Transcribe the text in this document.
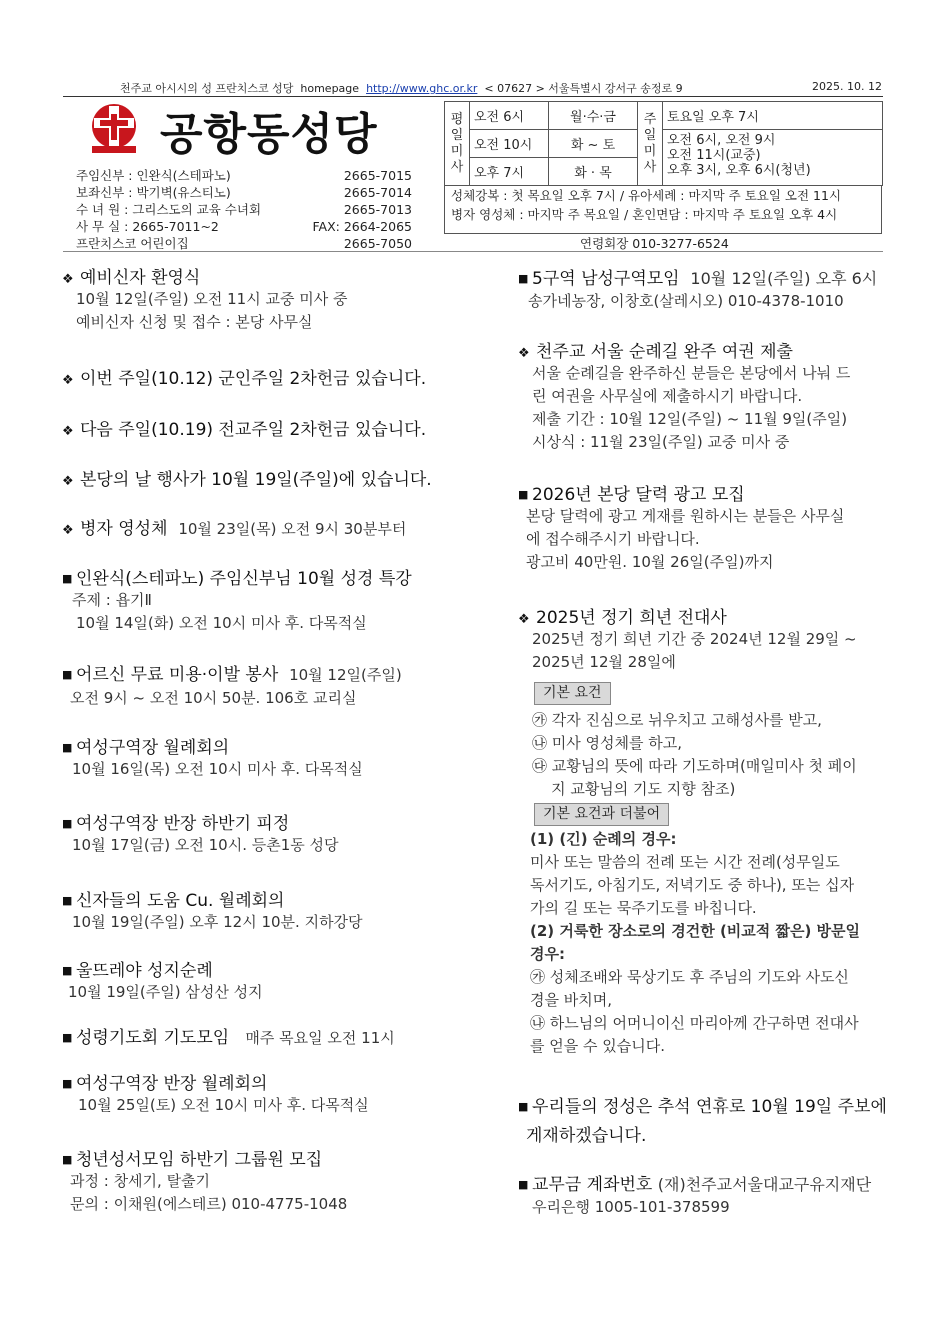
천주교 아시시의 성 프란치스코 성당 homepage http://www.ghc.or.kr < 07627 > 서울특별시 강서구 송정로 9	2025. 10. 12
공항동성당
주임신부 : 인완식(스테파노)	2665-7015
보좌신부 : 박기벽(유스티노)	2665-7014
수 녀 원 : 그리스도의 교육 수녀회	2665-7013
사 무 실 : 2665-7011~2	FAX: 2664-2065
프란치스코 어린이집	2665-7050
평일미사	오전 6시	월·수·금	주일미사	토요일 오후 7시
	오전 10시	화 ~ 토		오전 6시, 오전 9시
오전 11시(교중)
오후 3시, 오후 6시(청년)

	오후 7시	화 · 목		
성체강복 : 첫 목요일 오후 7시 / 유아세례 : 마지막 주 토요일 오전 11시
병자 영성체 : 마지막 주 목요일 / 혼인면담 : 마지막 주 토요일 오후 4시
연령회장 010-3277-6524
❖ 예비신자 환영식
10월 12일(주일) 오전 11시 교중 미사 중
예비신자 신청 및 접수 : 본당 사무실
❖ 이번 주일(10.12) 군인주일 2차헌금 있습니다.
❖ 다음 주일(10.19) 전교주일 2차헌금 있습니다.
❖ 본당의 날 행사가 10월 19일(주일)에 있습니다.
❖ 병자 영성체 10월 23일(목) 오전 9시 30분부터
■ 인완식(스테파노) 주임신부님 10월 성경 특강
주제 : 욥기Ⅱ
10월 14일(화) 오전 10시 미사 후. 다목적실
■ 어르신 무료 미용·이발 봉사 10월 12일(주일)
오전 9시 ~ 오전 10시 50분. 106호 교리실
■ 여성구역장 월례회의
10월 16일(목) 오전 10시 미사 후. 다목적실
■ 여성구역장 반장 하반기 피정
10월 17일(금) 오전 10시. 등촌1동 성당
■ 신자들의 도움 Cu. 월례회의
10월 19일(주일) 오후 12시 10분. 지하강당
■ 울뜨레야 성지순례
10월 19일(주일) 삼성산 성지
■ 성령기도회 기도모임 매주 목요일 오전 11시
■ 여성구역장 반장 월례회의
10월 25일(토) 오전 10시 미사 후. 다목적실
■ 청년성서모임 하반기 그룹원 모집
과정 : 창세기, 탈출기
문의 : 이채원(에스테르) 010-4775-1048
■ 5구역 남성구역모임 10월 12일(주일) 오후 6시
송가네농장, 이창호(살레시오) 010-4378-1010
❖ 천주교 서울 순례길 완주 여권 제출
서울 순례길을 완주하신 분들은 본당에서 나눠 드
린 여권을 사무실에 제출하시기 바랍니다.
제출 기간 : 10월 12일(주일) ~ 11월 9일(주일)
시상식 : 11월 23일(주일) 교중 미사 중
■ 2026년 본당 달력 광고 모집
본당 달력에 광고 게재를 원하시는 분들은 사무실
에 접수해주시기 바랍니다.
광고비 40만원. 10월 26일(주일)까지
❖ 2025년 정기 희년 전대사
2025년 정기 희년 기간 중 2024년 12월 29일 ~
2025년 12월 28일에
기본 요건
㉮ 각자 진심으로 뉘우치고 고해성사를 받고,
㉯ 미사 영성체를 하고,
㉰ 교황님의 뜻에 따라 기도하며(매일미사 첫 페이
지 교황님의 기도 지향 참조)
기본 요건과 더불어
(1) (긴) 순례의 경우:
미사 또는 말씀의 전례 또는 시간 전례(성무일도
독서기도, 아침기도, 저녁기도 중 하나), 또는 십자
가의 길 또는 묵주기도를 바칩니다.
(2) 거룩한 장소로의 경건한 (비교적 짧은) 방문일
경우:
㉮ 성체조배와 묵상기도 후 주님의 기도와 사도신
경을 바치며,
㉯ 하느님의 어머니이신 마리아께 간구하면 전대사
를 얻을 수 있습니다.
■ 우리들의 정성은 추석 연휴로 10월 19일 주보에
게재하겠습니다.
■ 교무금 계좌번호 (재)천주교서울대교구유지재단
우리은행 1005-101-378599
